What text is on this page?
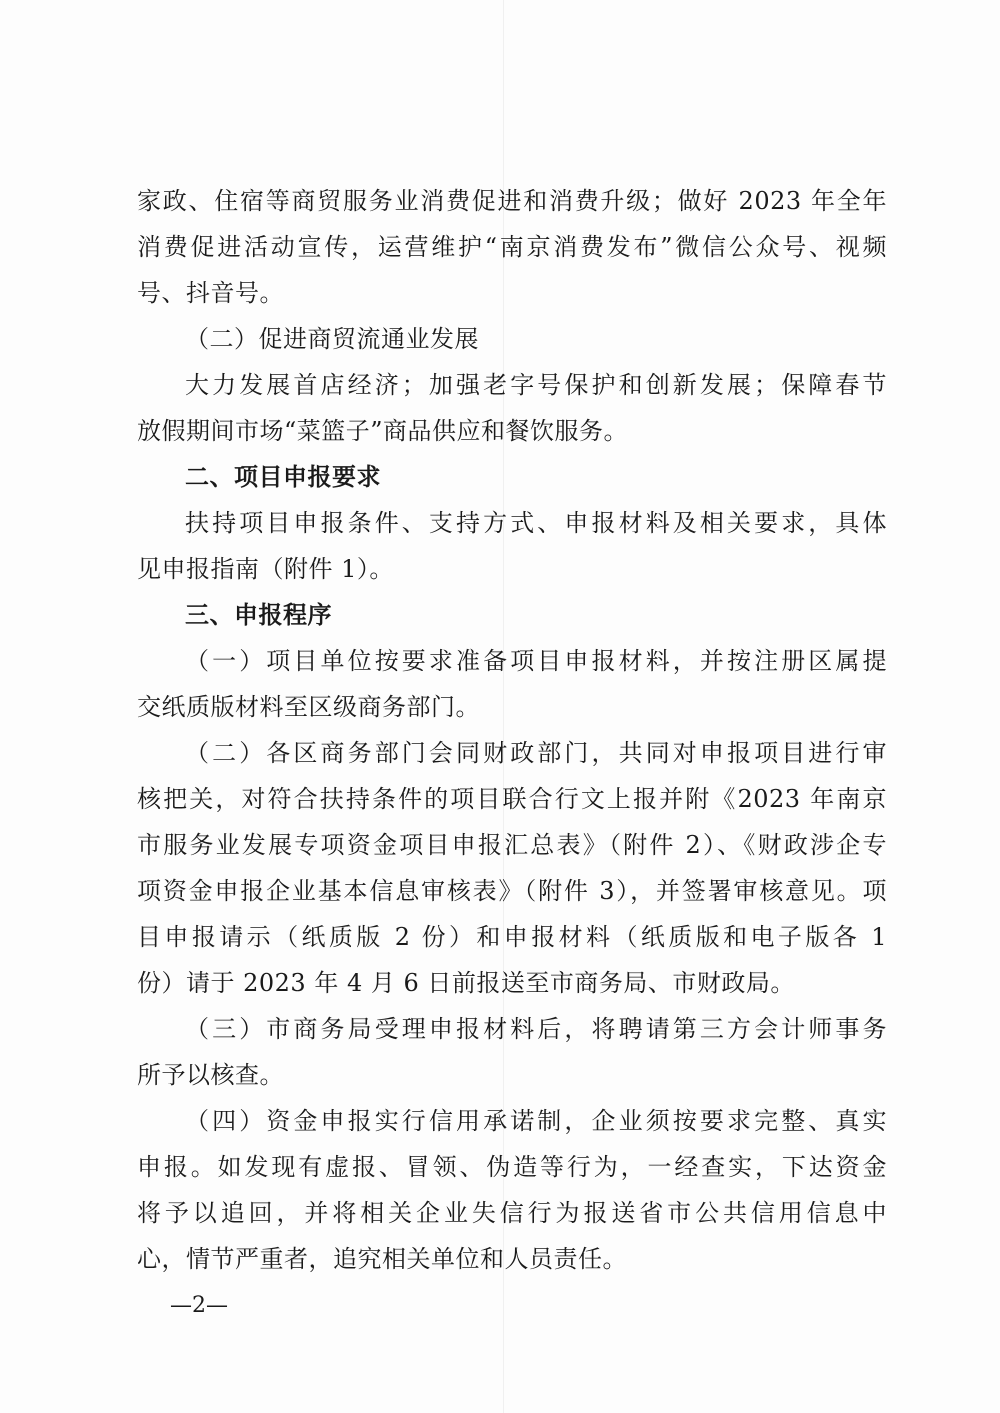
家政、住宿等商贸服务业消费促进和消费升级；做好 2023 年全年
消费促进活动宣传，运营维护“南京消费发布”微信公众号、视频
号、抖音号。
（二）促进商贸流通业发展
大力发展首店经济；加强老字号保护和创新发展；保障春节
放假期间市场“菜篮子”商品供应和餐饮服务。
二、项目申报要求
扶持项目申报条件、支持方式、申报材料及相关要求，具体
见申报指南（附件 1）。
三、申报程序
（一）项目单位按要求准备项目申报材料，并按注册区属提
交纸质版材料至区级商务部门。
（二）各区商务部门会同财政部门，共同对申报项目进行审
核把关，对符合扶持条件的项目联合行文上报并附《2023 年南京
市服务业发展专项资金项目申报汇总表》（附件 2）、《财政涉企专
项资金申报企业基本信息审核表》（附件 3），并签署审核意见。项
目申报请示（纸质版 2 份）和申报材料（纸质版和电子版各 1
份）请于 2023 年 4 月 6 日前报送至市商务局、市财政局。
（三）市商务局受理申报材料后，将聘请第三方会计师事务
所予以核查。
（四）资金申报实行信用承诺制，企业须按要求完整、真实
申报。如发现有虚报、冒领、伪造等行为，一经查实，下达资金
将予以追回，并将相关企业失信行为报送省市公共信用信息中
心，情节严重者，追究相关单位和人员责任。
—2—
